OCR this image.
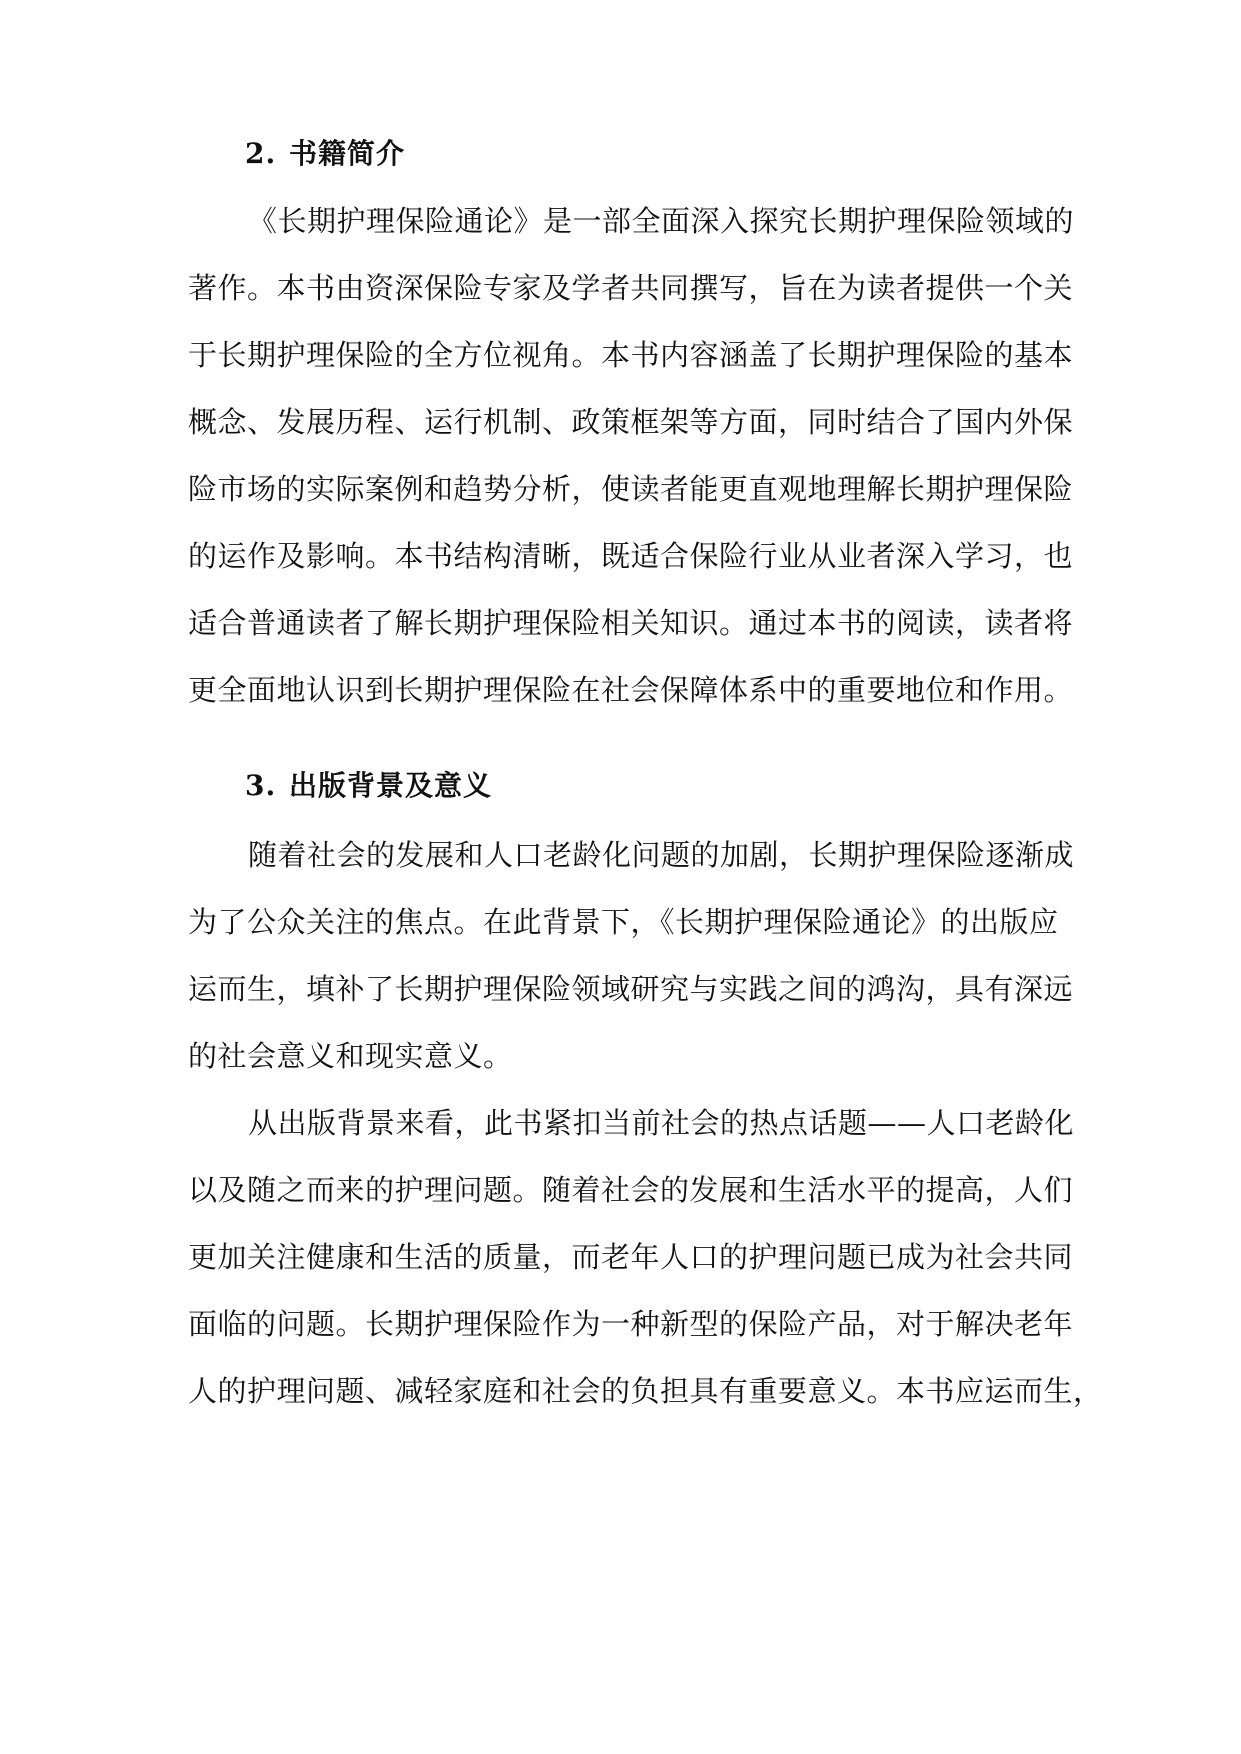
2. 书籍简介
《长期护理保险通论》是一部全面深入探究长期护理保险领域的
著作。本书由资深保险专家及学者共同撰写，旨在为读者提供一个关
于长期护理保险的全方位视角。本书内容涵盖了长期护理保险的基本
概念、发展历程、运行机制、政策框架等方面，同时结合了国内外保
险市场的实际案例和趋势分析，使读者能更直观地理解长期护理保险
的运作及影响。本书结构清晰，既适合保险行业从业者深入学习，也
适合普通读者了解长期护理保险相关知识。通过本书的阅读，读者将
更全面地认识到长期护理保险在社会保障体系中的重要地位和作用。
3. 出版背景及意义
随着社会的发展和人口老龄化问题的加剧，长期护理保险逐渐成
为了公众关注的焦点。在此背景下，《长期护理保险通论》的出版应
运而生，填补了长期护理保险领域研究与实践之间的鸿沟，具有深远
的社会意义和现实意义。
从出版背景来看，此书紧扣当前社会的热点话题——人口老龄化
以及随之而来的护理问题。随着社会的发展和生活水平的提高，人们
更加关注健康和生活的质量，而老年人口的护理问题已成为社会共同
面临的问题。长期护理保险作为一种新型的保险产品，对于解决老年
人的护理问题、减轻家庭和社会的负担具有重要意义。本书应运而生，
